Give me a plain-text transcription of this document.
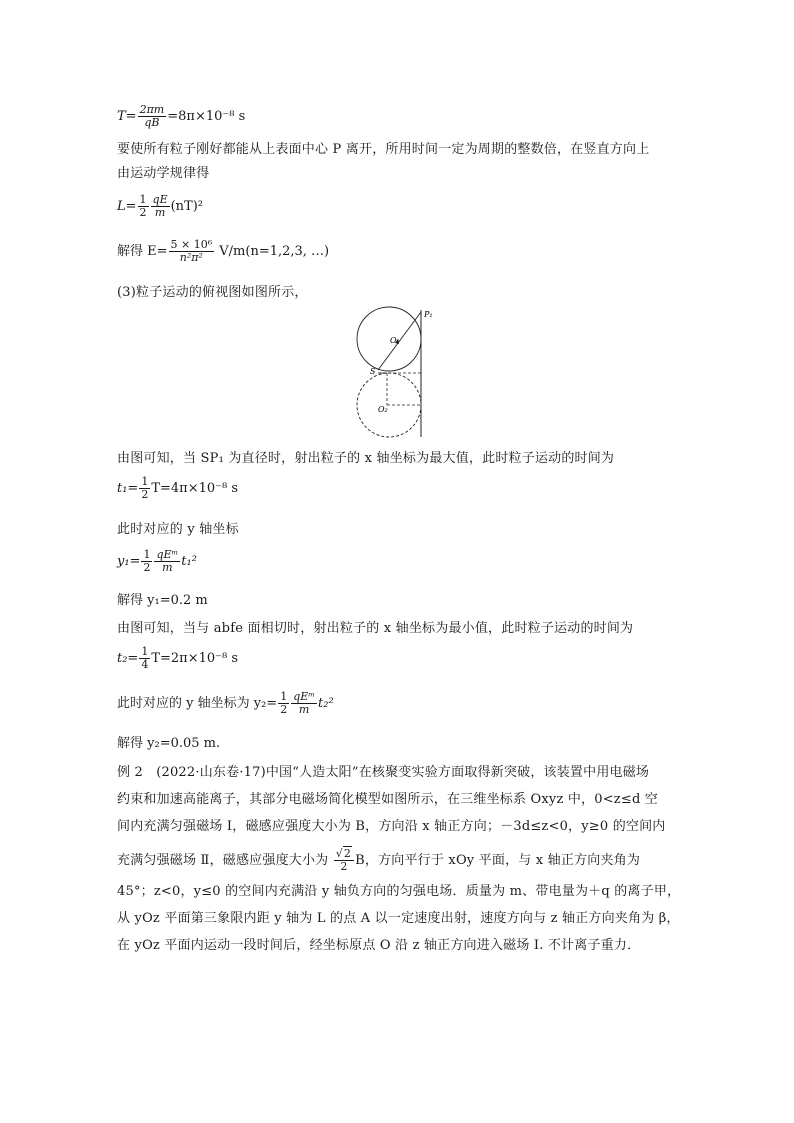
$T= \frac{2\pi m}{qB} =8\pi\times 10^{-8}$ s
要使所有粒子刚好都能从上表面中心 P 离开，所用时间一定为周期的整数倍，在竖直方向上
由运动学规律得
$L= \frac{1}{2} \frac{qE}{m} (nT)^2$
解得 $E= \frac{\text{5 × 10⁶}}{\text{n²π²}} V/m(n=1,2,3$, …)
(3)粒子运动的俯视图如图所示，
P₁
O₁
S
O₂
由图可知，当 SP₁ 为直径时，射出粒子的 x 轴坐标为最大值，此时粒子运动的时间为
$t_1= \frac{1}{2} T=4\pi\times 10^{-8}$ s
此时对应的 y 轴坐标
$y_1= \frac{1}{2} \frac{\text{qEᵐ}}{m} t_1^2$
解得 y₁=0.2 m
由图可知，当与 abfe 面相切时，射出粒子的 x 轴坐标为最小值，此时粒子运动的时间为
$t_2= \frac{1}{4} T=2\pi\times 10^{-8}$ s
此时对应的 y 轴坐标为 $y_2= \frac{1}{2} \frac{\text{qEᵐ}}{m} t_2^2$
解得 y₂=0.05 m.
例 2　(2022·山东卷·17)中国“人造太阳”在核聚变实验方面取得新突破，该装置中用电磁场
约束和加速高能离子，其部分电磁场简化模型如图所示，在三维坐标系 Oxyz 中，0<z≤d 空
间内充满匀强磁场 Ⅰ，磁感应强度大小为 B，方向沿 x 轴正方向；－3d≤z<0，y≥0 的空间内
充满匀强磁场 Ⅱ，磁感应强度大小为 $\frac{√2}{2}$ B，方向平行于 xOy 平面，与 x 轴正方向夹角为
45°；z<0，y≤0 的空间内充满沿 y 轴负方向的匀强电场．质量为 m、带电量为＋q 的离子甲，
从 yOz 平面第三象限内距 y 轴为 L 的点 A 以一定速度出射，速度方向与 z 轴正方向夹角为 β，
在 yOz 平面内运动一段时间后，经坐标原点 O 沿 z 轴正方向进入磁场 Ⅰ. 不计离子重力．
